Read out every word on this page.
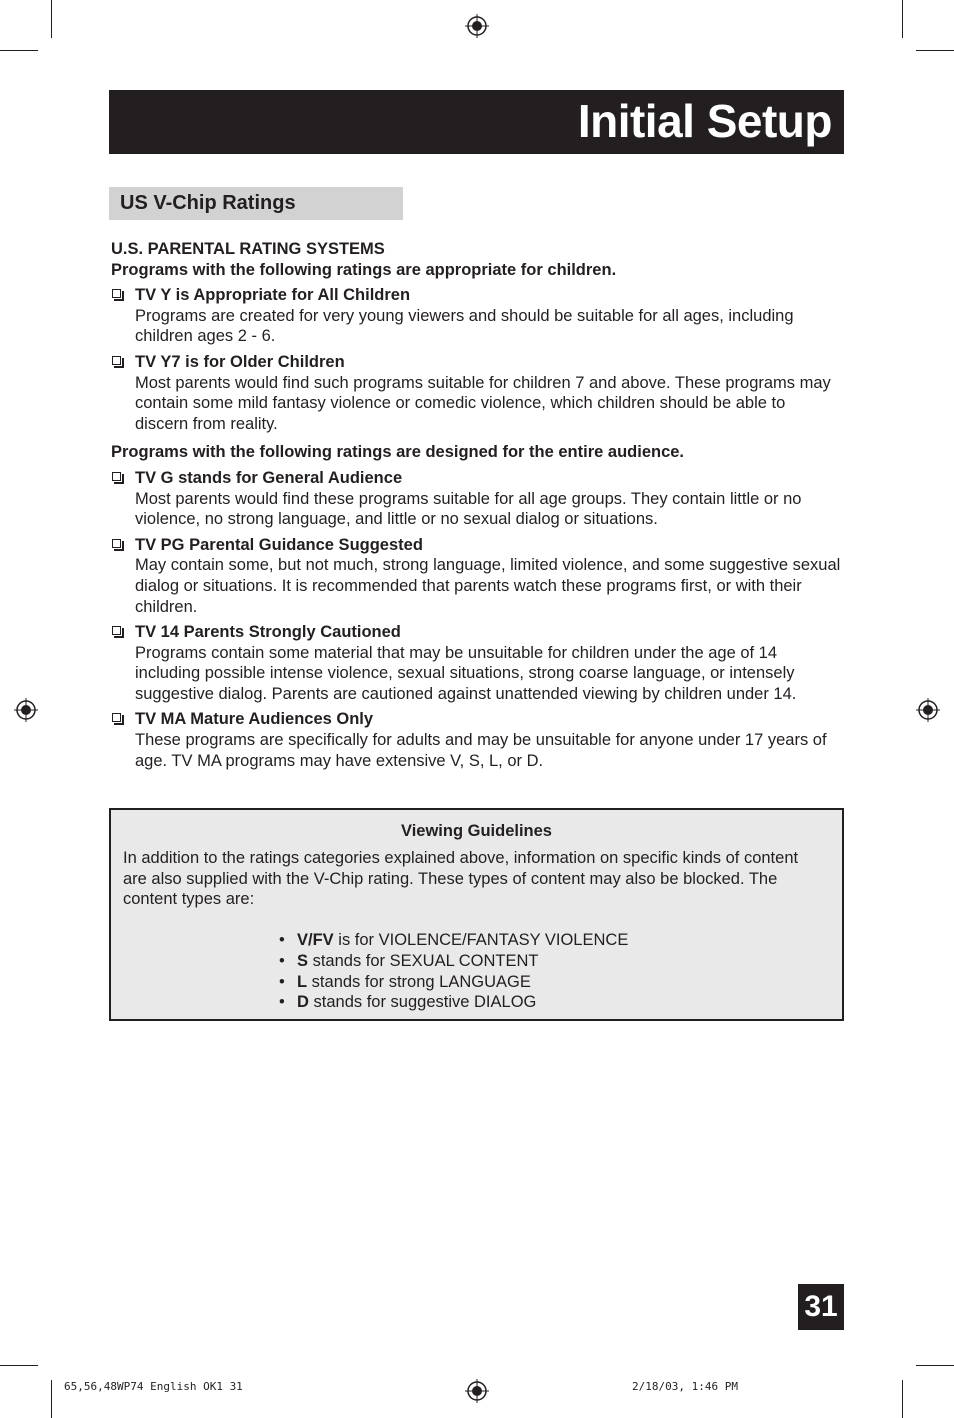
Initial Setup
US V-Chip Ratings
U.S. PARENTAL RATING SYSTEMS
Programs with the following ratings are appropriate for children.
TV Y is Appropriate for All Children
Programs are created for very young viewers and should be suitable for all ages, including children ages 2 - 6.
TV Y7 is for Older Children
Most parents would find such programs suitable for children 7 and above. These programs may contain some mild fantasy violence or comedic violence, which children should be able to discern from reality.
Programs with the following ratings are designed for the entire audience.
TV G stands for General Audience
Most parents would find these programs suitable for all age groups. They contain little or no violence, no strong language, and little or no sexual dialog or situations.
TV PG Parental Guidance Suggested
May contain some, but not much, strong language, limited violence, and some suggestive sexual dialog or situations. It is recommended that parents watch these programs first, or with their children.
TV 14 Parents Strongly Cautioned
Programs contain some material that may be unsuitable for children under the age of 14 including possible intense violence, sexual situations, strong coarse language, or intensely suggestive dialog. Parents are cautioned against unattended viewing by children under 14.
TV MA Mature Audiences Only
These programs are specifically for adults and may be unsuitable for anyone under 17 years of age. TV MA programs may have extensive V, S, L, or D.
Viewing Guidelines
In addition to the ratings categories explained above, information on specific kinds of content are also supplied with the V-Chip rating. These types of content may also be blocked. The content types are:
• V/FV is for VIOLENCE/FANTASY VIOLENCE
• S stands for SEXUAL CONTENT
• L stands for strong LANGUAGE
• D stands for suggestive DIALOG
31
65,56,48WP74 English OK1 31	2/18/03, 1:46 PM
